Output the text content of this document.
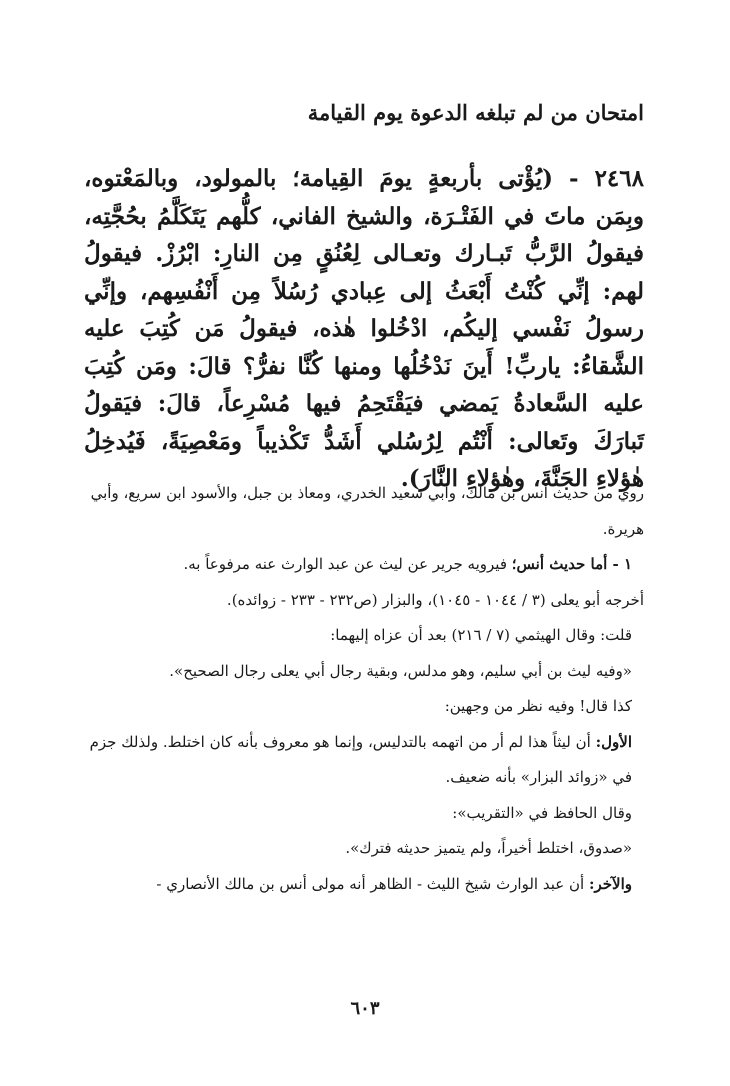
امتحان من لم تبلغه الدعوة يوم القيامة
٢٤٦٨ - (يُؤْتى بأربعةٍ يومَ القِيامة؛ بالمولود، وبالمَعْتوه، وبِمَن ماتَ في الفَتْـرَة، والشيخ الفاني، كلُّهم يَتَكَلَّمُ بحُجَّتِه، فيقولُ الرَّبُّ تَبـارك وتعـالى لِعُنُقٍ مِن النارِ: ابْرُزْ. فيقولُ لهم: إنِّي كُنْتُ أَبْعَثُ إلى عِبادي رُسُلاً مِن أَنْفُسِهم، وإنِّي رسولُ نَفْسي إليكُم، ادْخُلوا هٰذه، فيقولُ مَن كُتِبَ عليه الشَّقاءُ: ياربِّ! أَينَ نَدْخُلُها ومنها كُنَّا نفرُّ؟ قالَ: ومَن كُتِبَ عليه السَّعادةُ يَمضي فيَقْتَحِمُ فيها مُسْرِعاً، قالَ: فيَقولُ تَبارَكَ وتَعالى: أَنْتُم لِرُسُلي أَشَدُّ تَكْذيباً ومَعْصِيَةً، فَيُدخِلُ هٰؤلاءِ الجَنَّةَ، وهٰؤلاءِ النَّارَ).

روي من حديث أنس بن مالك، وأبي سعيد الخدري، ومعاذ بن جبل، والأسود ابن سريع، وأبي هريرة.

١ - أما حديث أنس؛ فيرويه جرير عن ليث عن عبد الوارث عنه مرفوعاً به.

أخرجه أبو يعلى (٣ / ١٠٤٤ - ١٠٤٥)، والبزار (ص٢٣٢ - ٢٣٣ - زوائده).

قلت: وقال الهيثمي (٧ / ٢١٦) بعد أن عزاه إليهما:

«وفيه ليث بن أبي سليم، وهو مدلس، وبقية رجال أبي يعلى رجال الصحيح».

كذا قال! وفيه نظر من وجهين:

الأول: أن ليثاً هذا لم أر من اتهمه بالتدليس، وإنما هو معروف بأنه كان اختلط. ولذلك جزم في «زوائد البزار» بأنه ضعيف.

وقال الحافظ في «التقريب»:

«صدوق، اختلط أخيراً، ولم يتميز حديثه فترك».

والآخر: أن عبد الوارث شيخ الليث - الظاهر أنه مولى أنس بن مالك الأنصاري -

٦٠٣
